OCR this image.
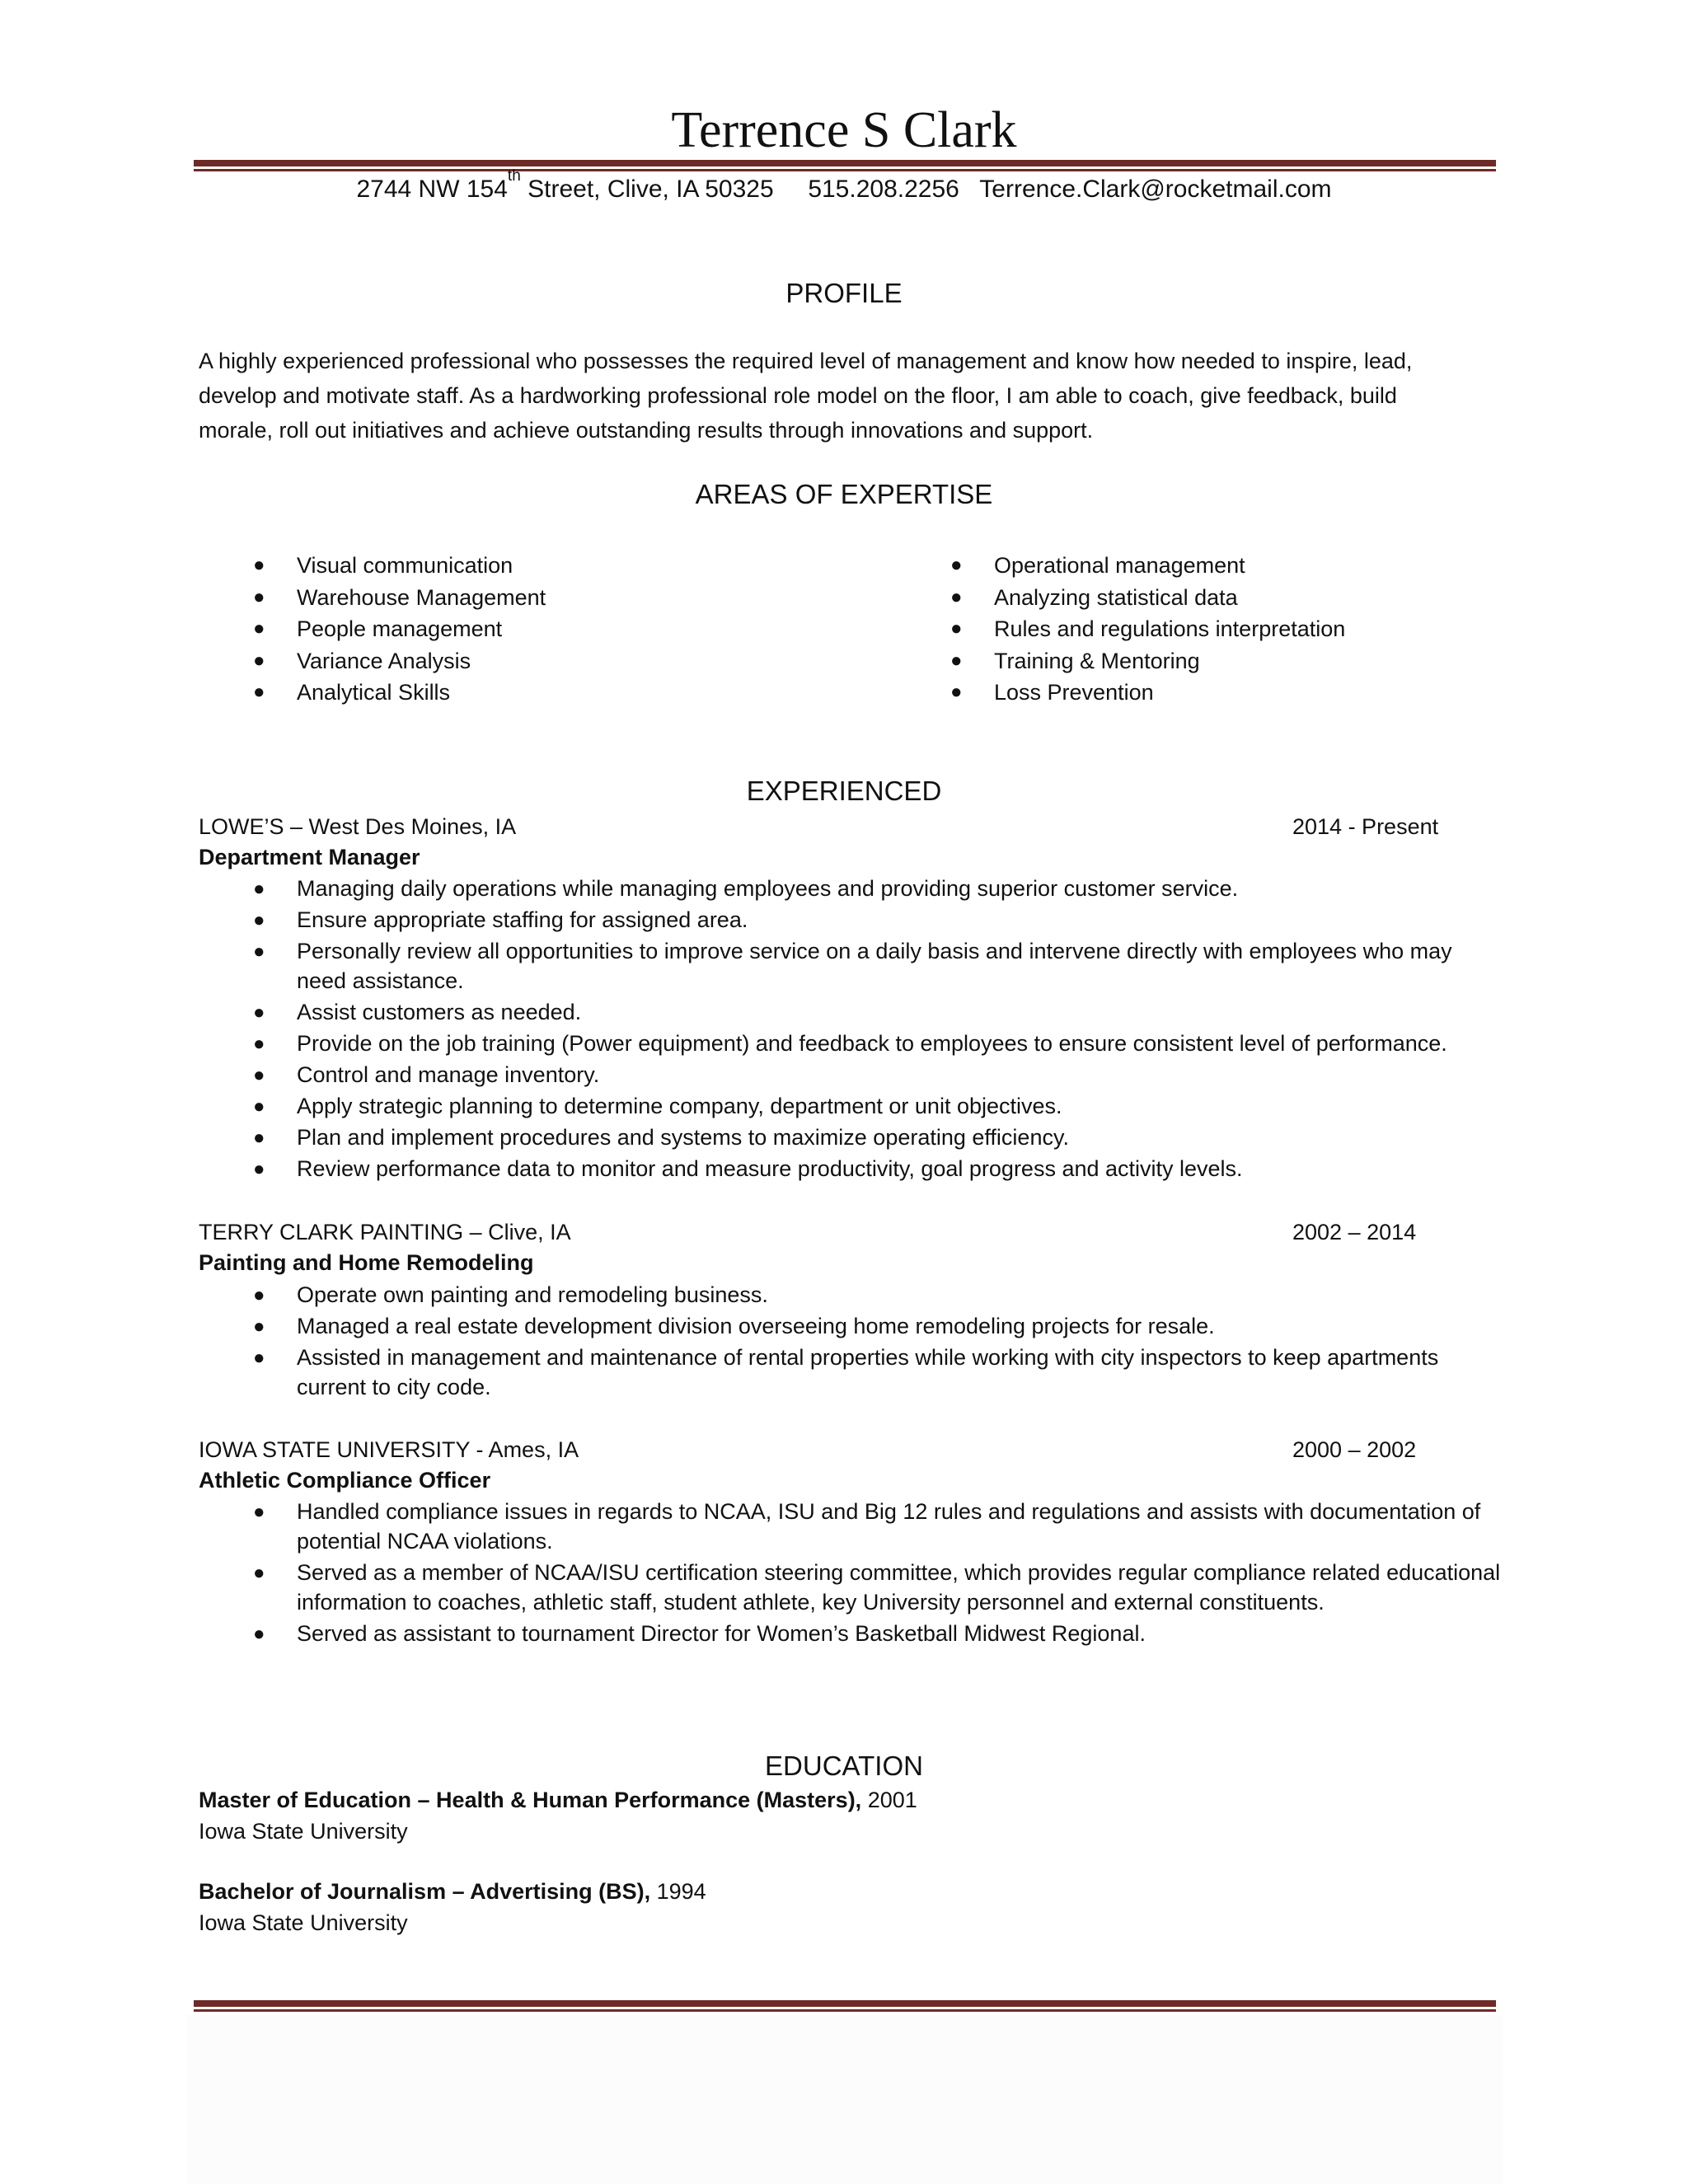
Terrence S Clark
2744 NW 154th Street, Clive, IA 50325 515.208.2256 Terrence.Clark@rocketmail.com
PROFILE
A highly experienced professional who possesses the required level of management and know how needed to inspire, lead,
develop and motivate staff. As a hardworking professional role model on the floor, I am able to coach, give feedback, build
morale, roll out initiatives and achieve outstanding results through innovations and support.
AREAS OF EXPERTISE
● Visual communication
● Warehouse Management
● People management
● Variance Analysis
● Analytical Skills
● Operational management
● Analyzing statistical data
● Rules and regulations interpretation
● Training & Mentoring
● Loss Prevention
EXPERIENCED
LOWE’S – West Des Moines, IA	2014 - Present
Department Manager
● Managing daily operations while managing employees and providing superior customer service.
● Ensure appropriate staffing for assigned area.
● Personally review all opportunities to improve service on a daily basis and intervene directly with employees who may need assistance.
● Assist customers as needed.
● Provide on the job training (Power equipment) and feedback to employees to ensure consistent level of performance.
● Control and manage inventory.
● Apply strategic planning to determine company, department or unit objectives.
● Plan and implement procedures and systems to maximize operating efficiency.
● Review performance data to monitor and measure productivity, goal progress and activity levels.
TERRY CLARK PAINTING – Clive, IA	2002 – 2014
Painting and Home Remodeling
● Operate own painting and remodeling business.
● Managed a real estate development division overseeing home remodeling projects for resale.
● Assisted in management and maintenance of rental properties while working with city inspectors to keep apartments current to city code.
IOWA STATE UNIVERSITY - Ames, IA	2000 – 2002
Athletic Compliance Officer
● Handled compliance issues in regards to NCAA, ISU and Big 12 rules and regulations and assists with documentation of potential NCAA violations.
● Served as a member of NCAA/ISU certification steering committee, which provides regular compliance related educational information to coaches, athletic staff, student athlete, key University personnel and external constituents.
● Served as assistant to tournament Director for Women’s Basketball Midwest Regional.
EDUCATION
Master of Education – Health & Human Performance (Masters), 2001
Iowa State University
Bachelor of Journalism – Advertising (BS), 1994
Iowa State University
